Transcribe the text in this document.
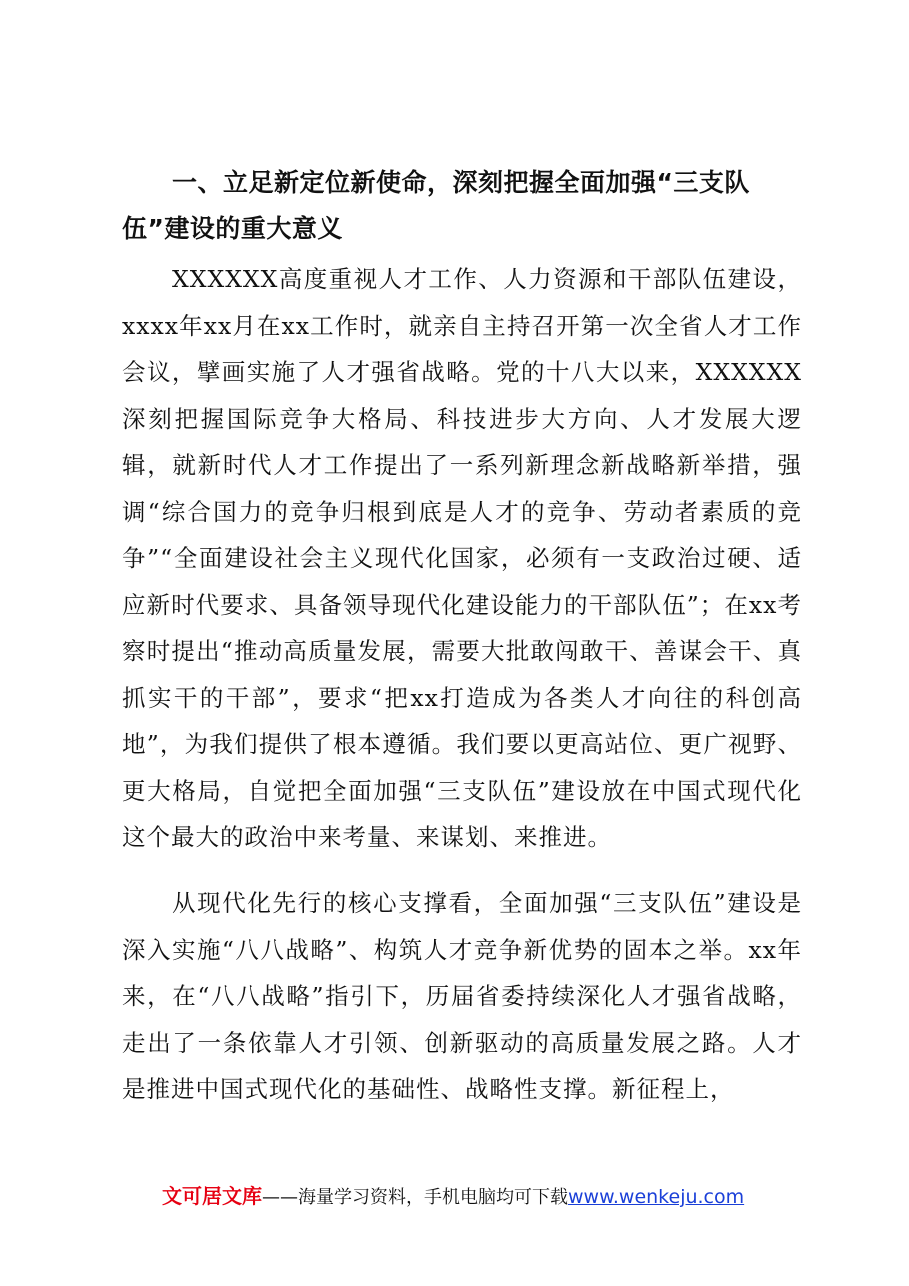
一、立足新定位新使命，深刻把握全面加强“三支队伍”建设的重大意义

XXXXXX高度重视人才工作、人力资源和干部队伍建设，xxxx年xx月在xx工作时，就亲自主持召开第一次全省人才工作会议，擘画实施了人才强省战略。党的十八大以来，XXXXXX深刻把握国际竞争大格局、科技进步大方向、人才发展大逻辑，就新时代人才工作提出了一系列新理念新战略新举措，强调“综合国力的竞争归根到底是人才的竞争、劳动者素质的竞争”“全面建设社会主义现代化国家，必须有一支政治过硬、适应新时代要求、具备领导现代化建设能力的干部队伍”；在xx考察时提出“推动高质量发展，需要大批敢闯敢干、善谋会干、真抓实干的干部”，要求“把xx打造成为各类人才向往的科创高地”，为我们提供了根本遵循。我们要以更高站位、更广视野、更大格局，自觉把全面加强“三支队伍”建设放在中国式现代化这个最大的政治中来考量、来谋划、来推进。

从现代化先行的核心支撑看，全面加强“三支队伍”建设是深入实施“八八战略”、构筑人才竞争新优势的固本之举。xx年来，在“八八战略”指引下，历届省委持续深化人才强省战略，走出了一条依靠人才引领、创新驱动的高质量发展之路。人才是推进中国式现代化的基础性、战略性支撑。新征程上，

文可居文库——海量学习资料，手机电脑均可下载www.wenkeju.com
